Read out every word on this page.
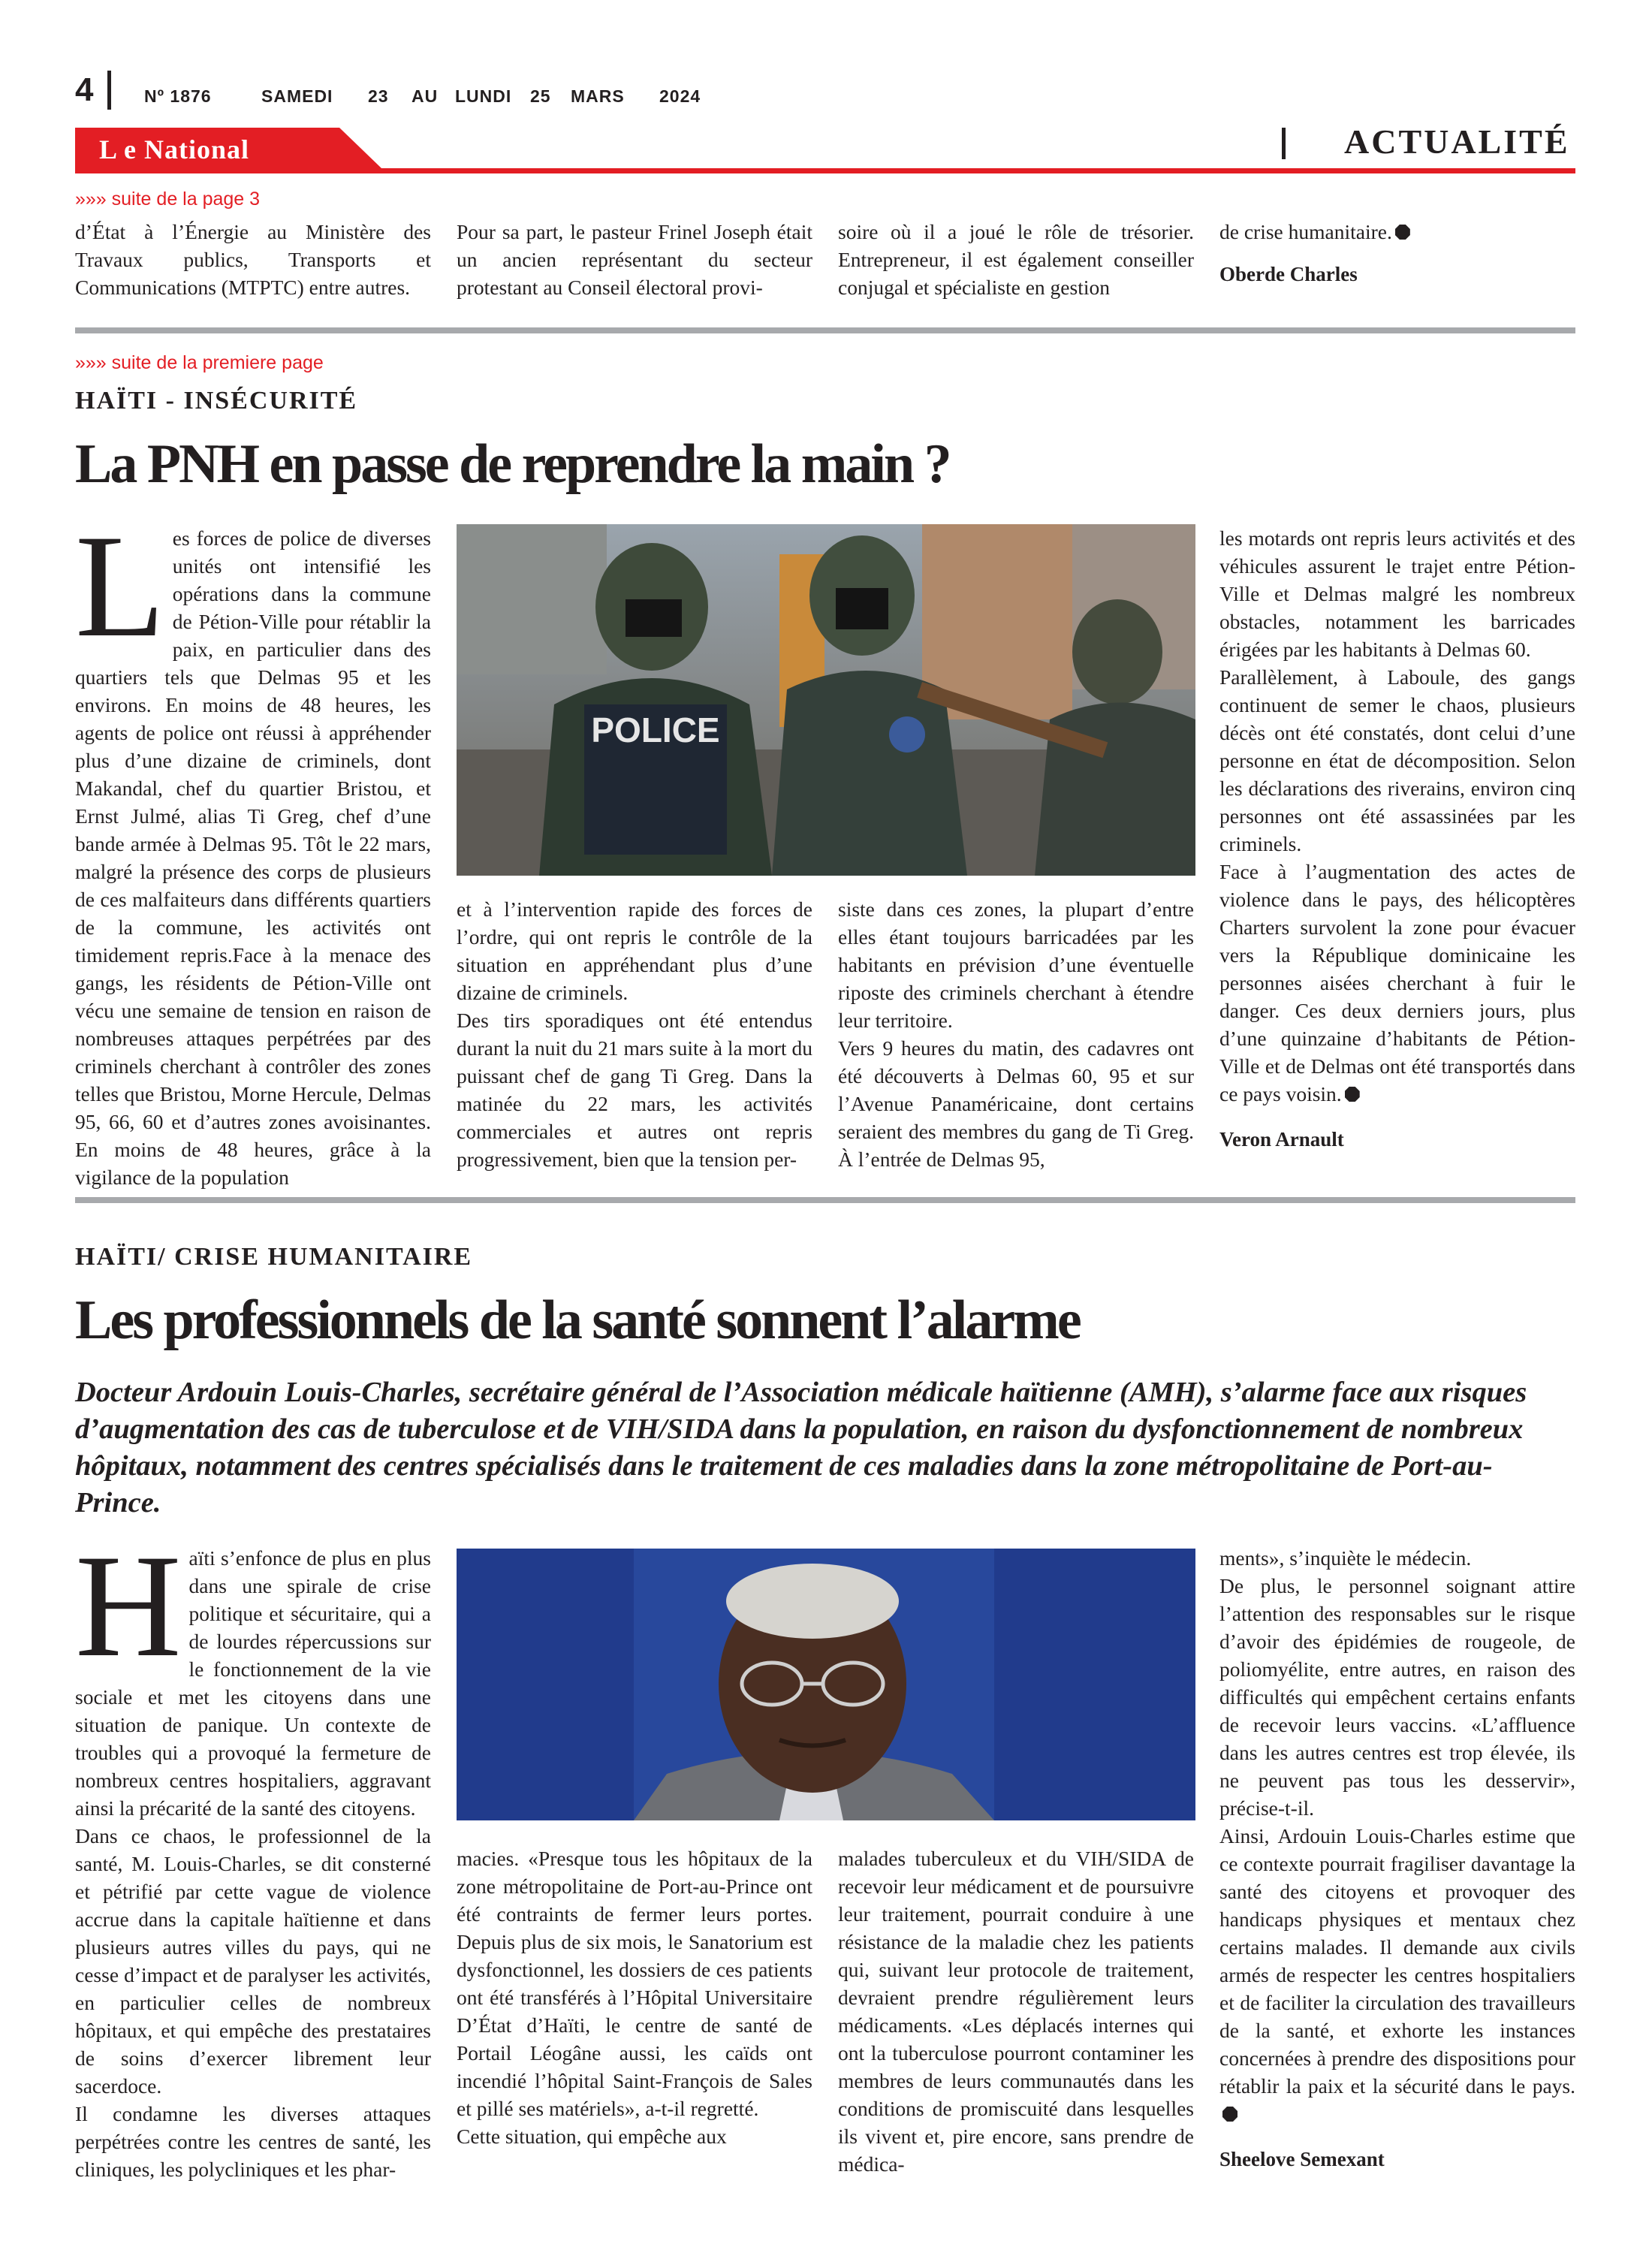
4	Nº 1876	SAMEDI 23 AU LUNDI 25 MARS 2024
L e National	ACTUALITÉ
»»» suite de la page 3

d’État à l’Énergie au Ministère des Travaux publics, Transports et Communications (MTPTC) entre autres.

Pour sa part, le pasteur Frinel Joseph était un ancien représentant du secteur protestant au Conseil électoral provi-

soire où il a joué le rôle de trésorier. Entrepreneur, il est également conseiller conjugal et spécialiste en gestion

de crise humanitaire.

Oberde Charles

»»» suite de la premiere page
HAÏTI - INSÉCURITÉ
La PNH en passe de reprendre la main ?

Les forces de police de diverses unités ont intensifié les opérations dans la commune de Pétion-Ville pour rétablir la paix, en particulier dans des quartiers tels que Delmas 95 et les environs. En moins de 48 heures, les agents de police ont réussi à appréhender plus d’une dizaine de criminels, dont Makandal, chef du quartier Bristou, et Ernst Julmé, alias Ti Greg, chef d’une bande armée à Delmas 95. Tôt le 22 mars, malgré la présence des corps de plusieurs de ces malfaiteurs dans différents quartiers de la commune, les activités ont timidement repris.Face à la menace des gangs, les résidents de Pétion-Ville ont vécu une semaine de tension en raison de nombreuses attaques perpétrées par des criminels cherchant à contrôler des zones telles que Bristou, Morne Hercule, Delmas 95, 66, 60 et d’autres zones avoisinantes. En moins de 48 heures, grâce à la vigilance de la population

POLICE

et à l’intervention rapide des forces de l’ordre, qui ont repris le contrôle de la situation en appréhendant plus d’une dizaine de criminels.

Des tirs sporadiques ont été entendus durant la nuit du 21 mars suite à la mort du puissant chef de gang Ti Greg. Dans la matinée du 22 mars, les activités commerciales et autres ont repris progressivement, bien que la tension per-

siste dans ces zones, la plupart d’entre elles étant toujours barricadées par les habitants en prévision d’une éventuelle riposte des criminels cherchant à étendre leur territoire.

Vers 9 heures du matin, des cadavres ont été découverts à Delmas 60, 95 et sur l’Avenue Panaméricaine, dont certains seraient des membres du gang de Ti Greg. À l’entrée de Delmas 95,

les motards ont repris leurs activités et des véhicules assurent le trajet entre Pétion-Ville et Delmas malgré les nombreux obstacles, notamment les barricades érigées par les habitants à Delmas 60.

Parallèlement, à Laboule, des gangs continuent de semer le chaos, plusieurs décès ont été constatés, dont celui d’une personne en état de décomposition. Selon les déclarations des riverains, environ cinq personnes ont été assassinées par les criminels.

Face à l’augmentation des actes de violence dans le pays, des hélicoptères Charters survolent la zone pour évacuer vers la République dominicaine les personnes aisées cherchant à fuir le danger. Ces deux derniers jours, plus d’une quinzaine d’habitants de Pétion-Ville et de Delmas ont été transportés dans ce pays voisin.

Veron Arnault

HAÏTI/ CRISE HUMANITAIRE
Les professionnels de la santé sonnent l’alarme
Docteur Ardouin Louis-Charles, secrétaire général de l’Association médicale haïtienne (AMH), s’alarme face aux risques d’augmentation des cas de tuberculose et de VIH/SIDA dans la population, en raison du dysfonctionnement de nombreux hôpitaux, notamment des centres spécialisés dans le traitement de ces maladies dans la zone métropolitaine de Port-au-Prince.

Haïti s’enfonce de plus en plus dans une spirale de crise politique et sécuritaire, qui a de lourdes répercussions sur le fonctionnement de la vie sociale et met les citoyens dans une situation de panique. Un contexte de troubles qui a provoqué la fermeture de nombreux centres hospitaliers, aggravant ainsi la précarité de la santé des citoyens.

Dans ce chaos, le professionnel de la santé, M. Louis-Charles, se dit consterné et pétrifié par cette vague de violence accrue dans la capitale haïtienne et dans plusieurs autres villes du pays, qui ne cesse d’impact et de paralyser les activités, en particulier celles de nombreux hôpitaux, et qui empêche des prestataires de soins d’exercer librement leur sacerdoce.

Il condamne les diverses attaques perpétrées contre les centres de santé, les cliniques, les polycliniques et les phar-

macies. «Presque tous les hôpitaux de la zone métropolitaine de Port-au-Prince ont été contraints de fermer leurs portes. Depuis plus de six mois, le Sanatorium est dysfonctionnel, les dossiers de ces patients ont été transférés à l’Hôpital Universitaire D’État d’Haïti, le centre de santé de Portail Léogâne aussi, les caïds ont incendié l’hôpital Saint-François de Sales et pillé ses matériels», a-t-il regretté.

Cette situation, qui empêche aux

malades tuberculeux et du VIH/SIDA de recevoir leur médicament et de poursuivre leur traitement, pourrait conduire à une résistance de la maladie chez les patients qui, suivant leur protocole de traitement, devraient prendre régulièrement leurs médicaments. «Les déplacés internes qui ont la tuberculose pourront contaminer les membres de leurs communautés dans les conditions de promiscuité dans lesquelles ils vivent et, pire encore, sans prendre de médica-

ments», s’inquiète le médecin.

De plus, le personnel soignant attire l’attention des responsables sur le risque d’avoir des épidémies de rougeole, de poliomyélite, entre autres, en raison des difficultés qui empêchent certains enfants de recevoir leurs vaccins. «L’affluence dans les autres centres est trop élevée, ils ne peuvent pas tous les desservir», précise-t-il.

Ainsi, Ardouin Louis-Charles estime que ce contexte pourrait fragiliser davantage la santé des citoyens et provoquer des handicaps physiques et mentaux chez certains malades. Il demande aux civils armés de respecter les centres hospitaliers et de faciliter la circulation des travailleurs de la santé, et exhorte les instances concernées à prendre des dispositions pour rétablir la paix et la sécurité dans le pays.

Sheelove Semexant
